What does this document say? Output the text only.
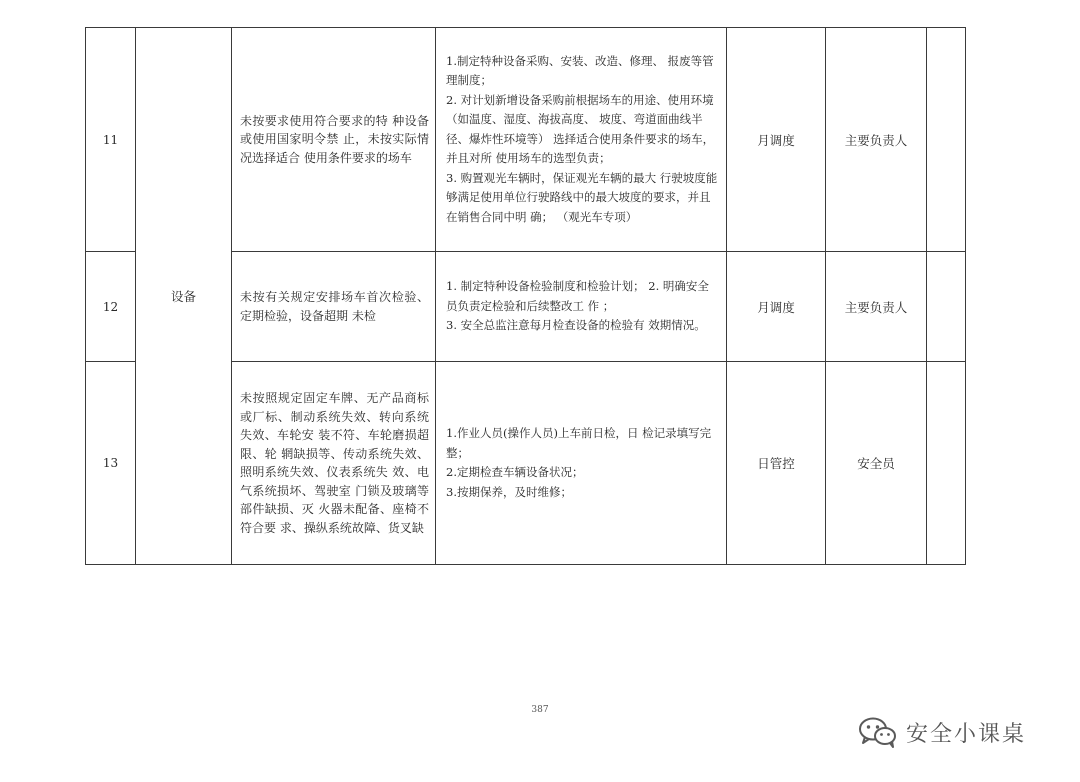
11	设备	未按要求使用符合要求的特 种设备或使用国家明令禁 止，未按实际情况选择适合 使用条件要求的场车	1.制定特种设备采购、安装、改造、修理、 报废等管理制度；
2. 对计划新增设备采购前根据场车的用途、使用环境（如温度、湿度、海拔高度、 坡度、弯道面曲线半径、爆炸性环境等） 选择适合使用条件要求的场车，并且对所 使用场车的选型负责；
3. 购置观光车辆时，保证观光车辆的最大 行驶坡度能够满足使用单位行驶路线中的最大坡度的要求，并且在销售合同中明 确； （观光车专项）	月调度	主要负责人	
12		未按有关规定安排场车首次检验、定期检验，设备超期 未检	1. 制定特种设备检验制度和检验计划； 2. 明确安全员负责定检验和后续整改工 作 ；
3. 安全总监注意每月检查设备的检验有 效期情况。	月调度	主要负责人	
13		未按照规定固定车牌、无产品商标或厂标、制动系统失效、转向系统失效、车轮安 装不符、车轮磨损超限、轮 辋缺损等、传动系统失效、 照明系统失效、仪表系统失 效、电气系统损坏、驾驶室 门锁及玻璃等部件缺损、灭 火器未配备、座椅不符合要 求、操纵系统故障、货叉缺	1.作业人员(操作人员)上车前日检，日 检记录填写完整；
2.定期检查车辆设备状况；
3.按期保养，及时维修；	日管控	安全员	
387
安全小课桌
